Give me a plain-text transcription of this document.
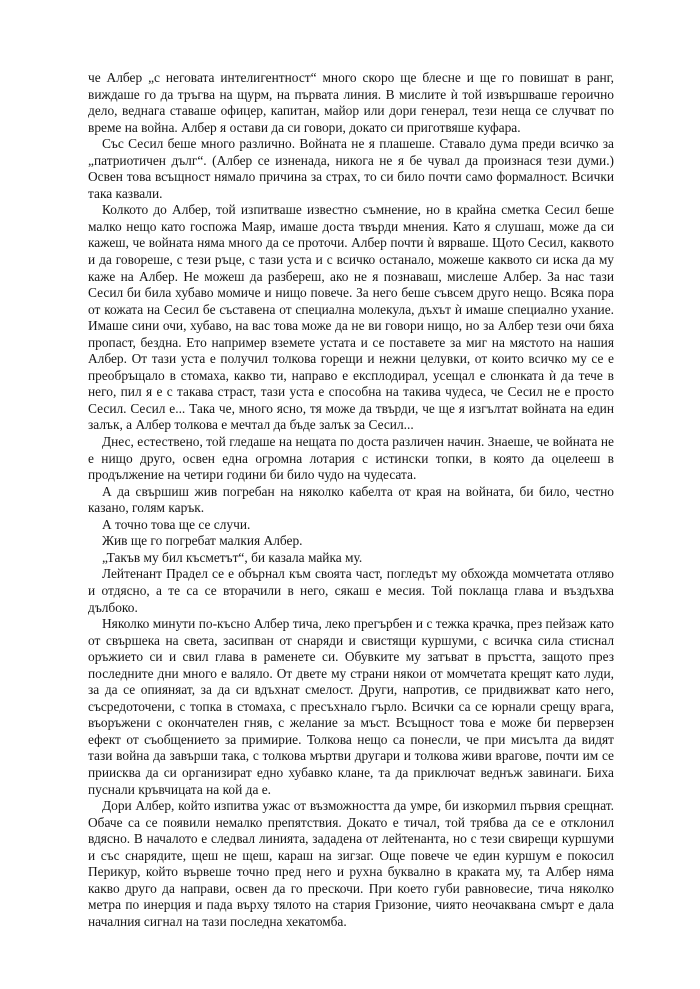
че Албер „с неговата интелигентност“ много скоро ще блесне и ще го повишат в ранг, виждаше го да тръгва на щурм, на първата линия. В мислите ѝ той извършваше героично дело, веднага ставаше офицер, капитан, майор или дори генерал, тези неща се случват по време на война. Албер я остави да си говори, докато си приготвяше куфара.

Със Сесил беше много различно. Войната не я плашеше. Ставало дума преди всичко за „патриотичен дълг“. (Албер се изненада, никога не я бе чувал да произнася тези думи.) Освен това всъщност нямало причина за страх, то си било почти само формалност. Всички така казвали.

Колкото до Албер, той изпитваше известно съмнение, но в крайна сметка Сесил беше малко нещо като госпожа Маяр, имаше доста твърди мнения. Като я слушаш, може да си кажеш, че войната няма много да се проточи. Албер почти ѝ вярваше. Щото Сесил, каквото и да говореше, с тези ръце, с тази уста и с всичко останало, можеше каквото си иска да му каже на Албер. Не можеш да разбереш, ако не я познаваш, мислеше Албер. За нас тази Сесил би била хубаво момиче и нищо повече. За него беше съвсем друго нещо. Всяка пора от кожата на Сесил бе съставена от специална молекула, дъхът ѝ имаше специално ухание. Имаше сини очи, хубаво, на вас това може да не ви говори нищо, но за Албер тези очи бяха пропаст, бездна. Ето например вземете устата и се поставете за миг на мястото на нашия Албер. От тази уста е получил толкова горещи и нежни целувки, от които всичко му се е преобръщало в стомаха, какво ти, направо е експлодирал, усещал е слюнката ѝ да тече в него, пил я е с такава страст, тази уста е способна на такива чудеса, че Сесил не е просто Сесил. Сесил е... Така че, много ясно, тя може да твърди, че ще я изгълтат войната на един залък, а Албер толкова е мечтал да бъде залък за Сесил...

Днес, естествено, той гледаше на нещата по доста различен начин. Знаеше, че войната не е нищо друго, освен една огромна лотария с истински топки, в която да оцелееш в продължение на четири години би било чудо на чудесата.

А да свършиш жив погребан на няколко кабелта от края на войната, би било, честно казано, голям карък.

А точно това ще се случи.

Жив ще го погребат малкия Албер.

„Такъв му бил късметът“, би казала майка му.

Лейтенант Прадел се е обърнал към своята част, погледът му обхожда момчетата отляво и отдясно, а те са се вторачили в него, сякаш е месия. Той поклаща глава и въздъхва дълбоко.

Няколко минути по-късно Албер тича, леко прегърбен и с тежка крачка, през пейзаж като от свършека на света, засипван от снаряди и свистящи куршуми, с всичка сила стиснал оръжието си и свил глава в раменете си. Обувките му затъват в пръстта, защото през последните дни много е валяло. От двете му страни някои от момчетата крещят като луди, за да се опияняат, за да си вдъхнат смелост. Други, напротив, се придвижват като него, съсредоточени, с топка в стомаха, с пресъхнало гърло. Всички са се юрнали срещу врага, въоръжени с окончателен гняв, с желание за мъст. Всъщност това е може би перверзен ефект от съобщението за примирие. Толкова нещо са понесли, че при мисълта да видят тази война да завърши така, с толкова мъртви другари и толкова живи врагове, почти им се приисква да си организират едно хубавко клане, та да приключат веднъж завинаги. Биха пуснали кръвчицата на кой да е.

Дори Албер, който изпитва ужас от възможността да умре, би изкормил първия срещнат. Обаче са се появили немалко препятствия. Докато е тичал, той трябва да се е отклонил вдясно. В началото е следвал линията, зададена от лейтенанта, но с тези свирещи куршуми и със снарядите, щеш не щеш, караш на зигзаг. Още повече че един куршум е покосил Перикур, който вървеше точно пред него и рухна буквално в краката му, та Албер няма какво друго да направи, освен да го прескочи. При което губи равновесие, тича няколко метра по инерция и пада върху тялото на стария Гризоние, чиято неочаквана смърт е дала началния сигнал на тази последна хекатомба.
